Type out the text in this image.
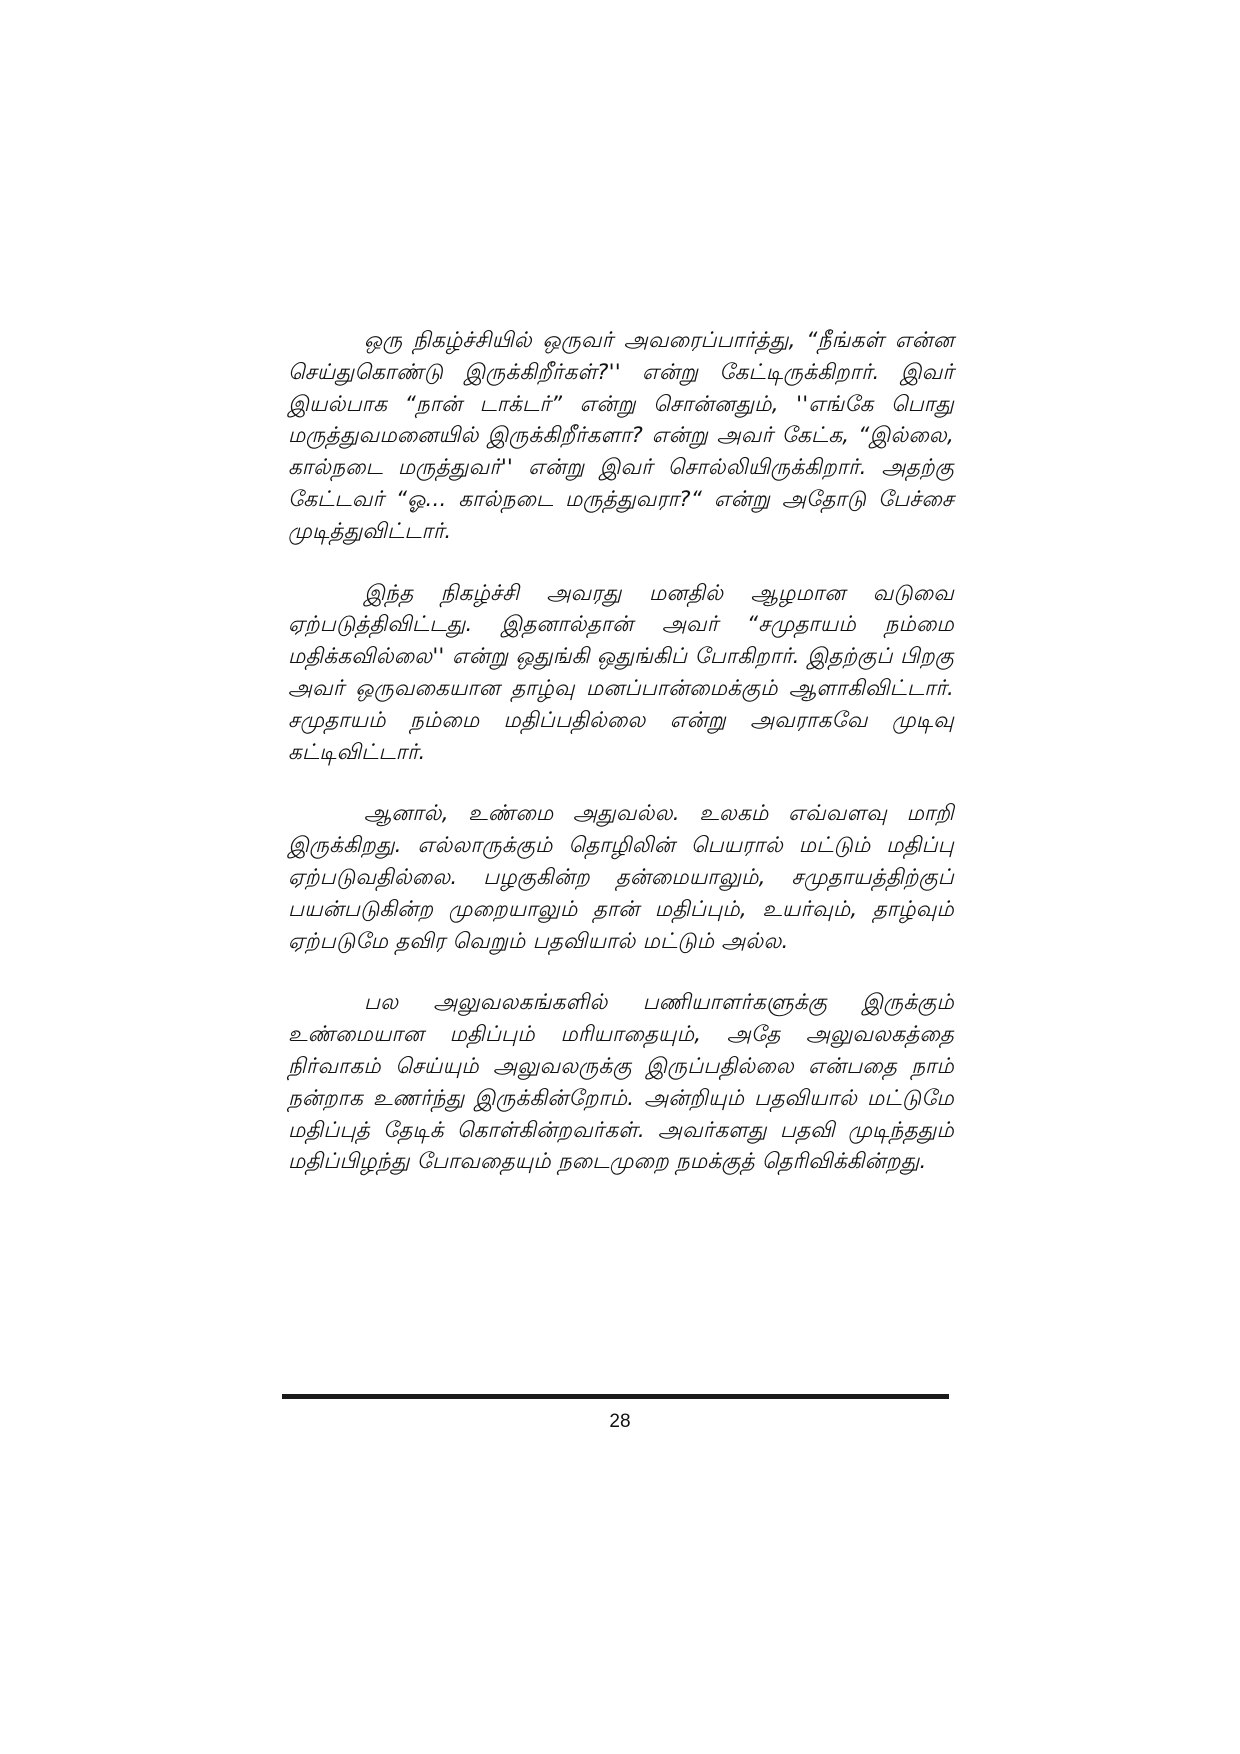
ஒரு நிகழ்ச்சியில் ஒருவர் அவரைப்பார்த்து, “நீங்கள் என்ன செய்துகொண்டு இருக்கிறீர்கள்?'' என்று கேட்டிருக்கிறார். இவர் இயல்பாக “நான் டாக்டர்” என்று சொன்னதும், ''எங்கே பொது மருத்துவமனையில் இருக்கிறீர்களா? என்று அவர் கேட்க, “இல்லை, கால்நடை மருத்துவர்'' என்று இவர் சொல்லியிருக்கிறார். அதற்கு கேட்டவர் “ஓ... கால்நடை மருத்துவரா?“ என்று அதோடு பேச்சை முடித்துவிட்டார்.

இந்த நிகழ்ச்சி அவரது மனதில் ஆழமான வடுவை ஏற்படுத்திவிட்டது. இதனால்தான் அவர் “சமுதாயம் நம்மை மதிக்கவில்லை'' என்று ஒதுங்கி ஒதுங்கிப் போகிறார். இதற்குப் பிறகு அவர் ஒருவகையான தாழ்வு மனப்பான்மைக்கும் ஆளாகிவிட்டார். சமுதாயம் நம்மை மதிப்பதில்லை என்று அவராகவே முடிவு கட்டிவிட்டார்.

ஆனால், உண்மை அதுவல்ல. உலகம் எவ்வளவு மாறி இருக்கிறது. எல்லாருக்கும் தொழிலின் பெயரால் மட்டும் மதிப்பு ஏற்படுவதில்லை. பழகுகின்ற தன்மையாலும், சமுதாயத்திற்குப் பயன்படுகின்ற முறையாலும் தான் மதிப்பும், உயர்வும், தாழ்வும் ஏற்படுமே தவிர வெறும் பதவியால் மட்டும் அல்ல.

பல அலுவலகங்களில் பணியாளர்களுக்கு இருக்கும் உண்மையான மதிப்பும் மரியாதையும், அதே அலுவலகத்தை நிர்வாகம் செய்யும் அலுவலருக்கு இருப்பதில்லை என்பதை நாம் நன்றாக உணர்ந்து இருக்கின்றோம். அன்றியும் பதவியால் மட்டுமே மதிப்புத் தேடிக் கொள்கின்றவர்கள். அவர்களது பதவி முடிந்ததும் மதிப்பிழந்து போவதையும் நடைமுறை நமக்குத் தெரிவிக்கின்றது.

28
